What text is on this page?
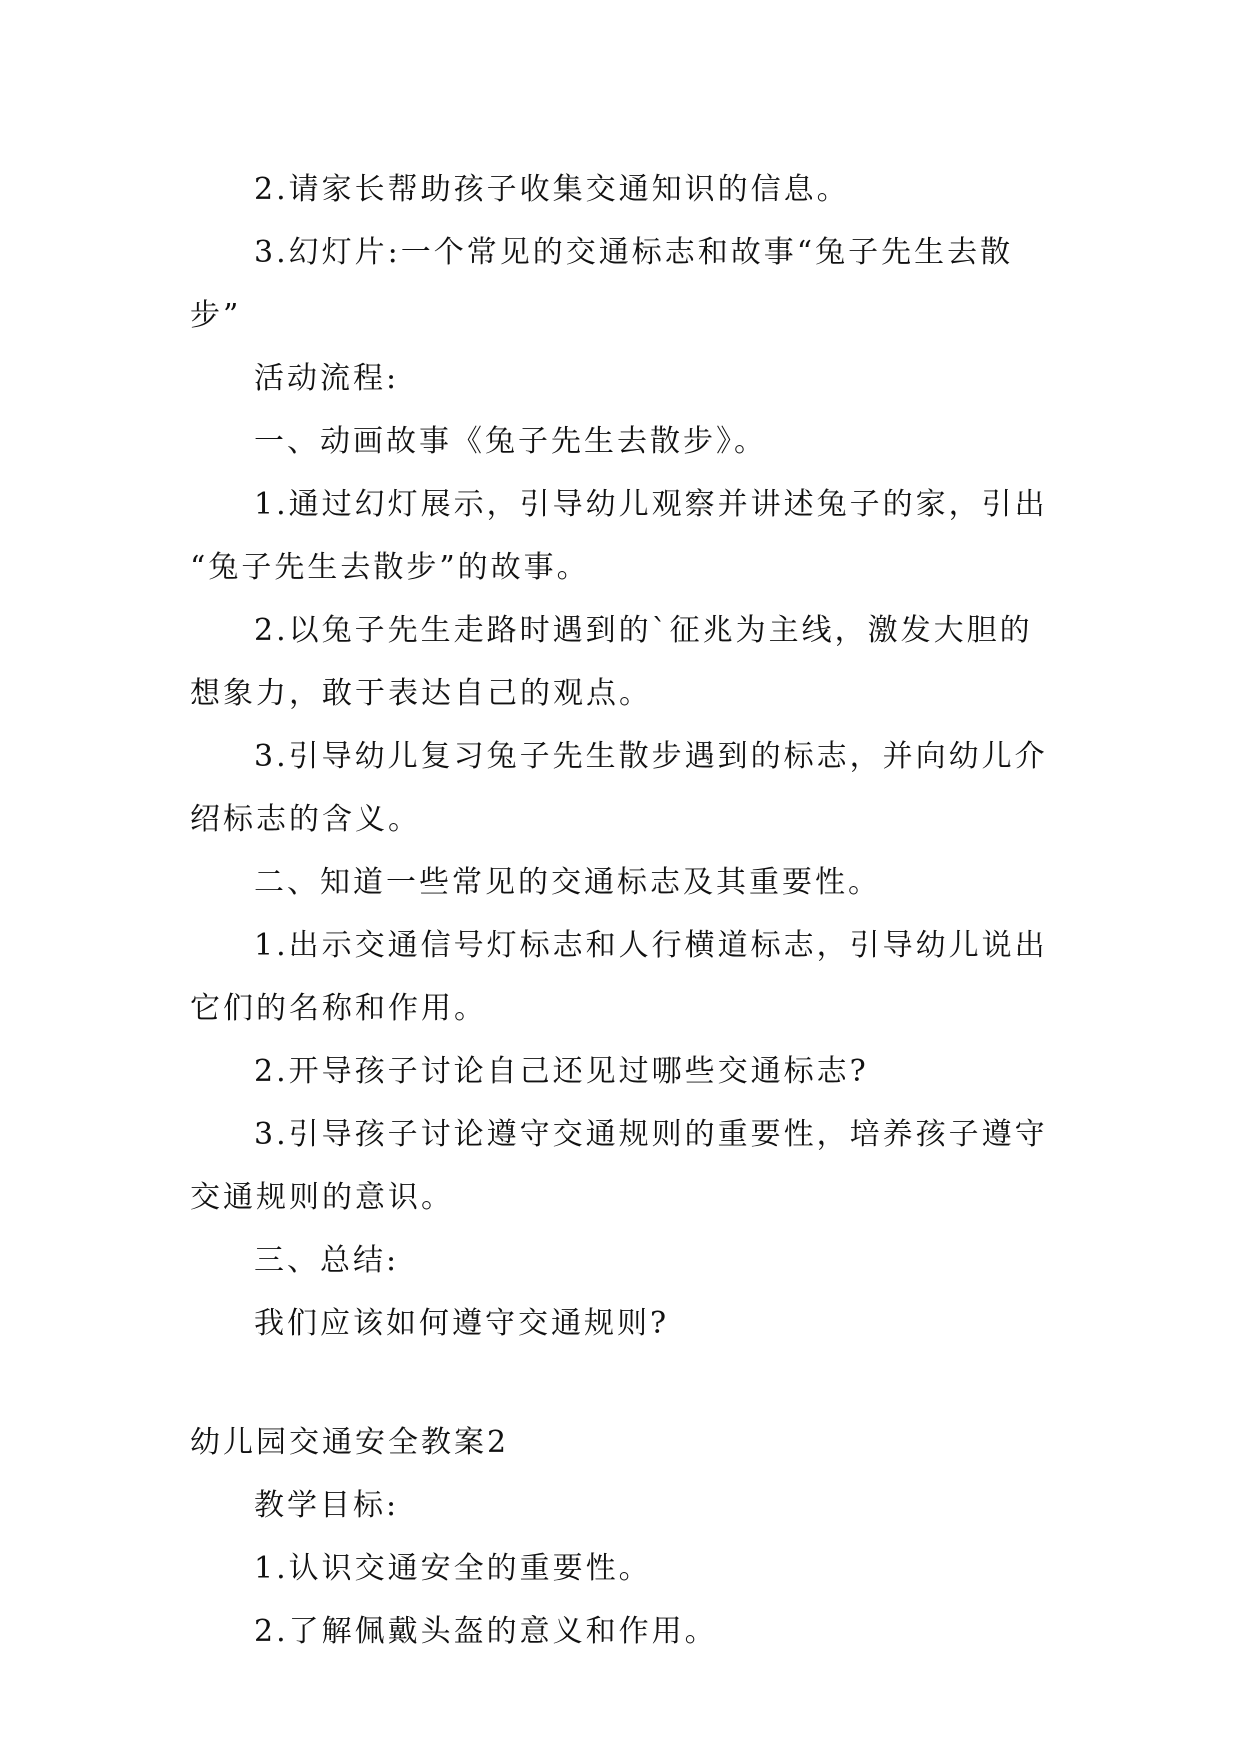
2.请家长帮助孩子收集交通知识的信息。

3.幻灯片:一个常见的交通标志和故事“兔子先生去散

步”

活动流程:

一、动画故事《兔子先生去散步》。

1.通过幻灯展示，引导幼儿观察并讲述兔子的家，引出

“兔子先生去散步”的故事。

2.以兔子先生走路时遇到的`征兆为主线，激发大胆的

想象力，敢于表达自己的观点。

3.引导幼儿复习兔子先生散步遇到的标志，并向幼儿介

绍标志的含义。

二、知道一些常见的交通标志及其重要性。

1.出示交通信号灯标志和人行横道标志，引导幼儿说出

它们的名称和作用。

2.开导孩子讨论自己还见过哪些交通标志?

3.引导孩子讨论遵守交通规则的重要性，培养孩子遵守

交通规则的意识。

三、总结:

我们应该如何遵守交通规则?

幼儿园交通安全教案2

教学目标:

1.认识交通安全的重要性。

2.了解佩戴头盔的意义和作用。
